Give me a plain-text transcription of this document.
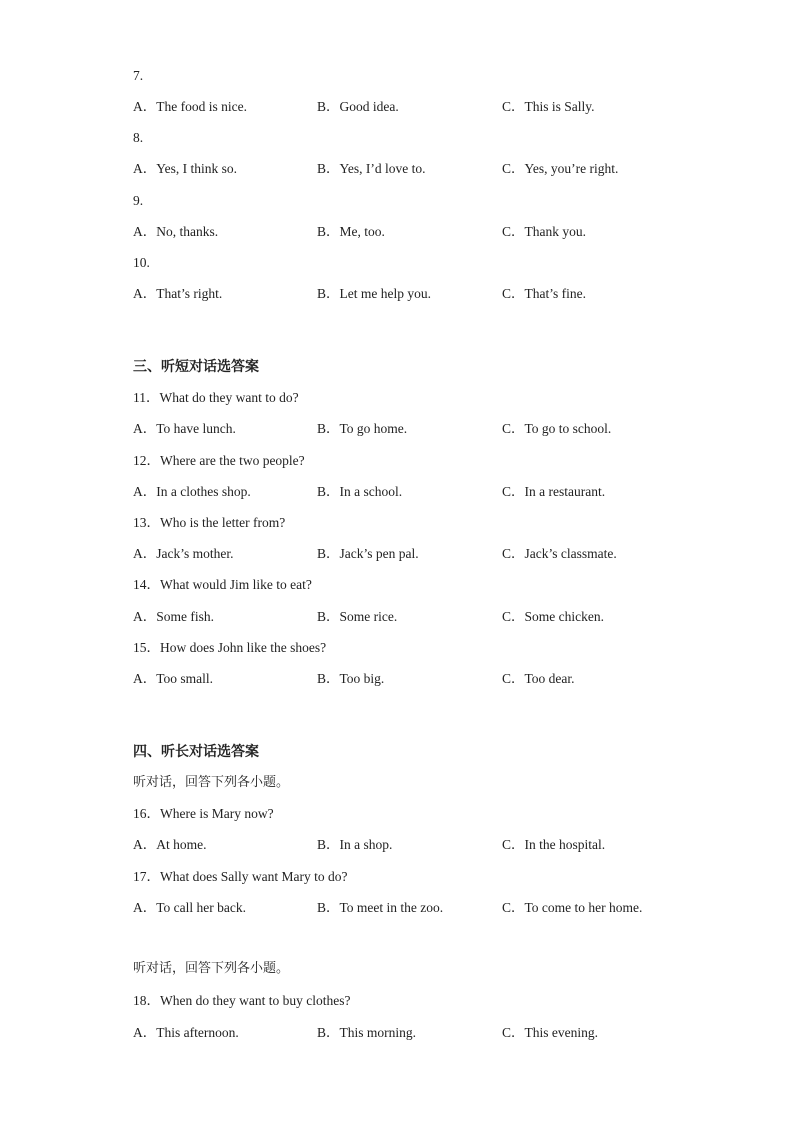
7.
A．The food is nice.	B．Good idea.	C．This is Sally.
8.
A．Yes, I think so.	B．Yes, I’d love to.	C．Yes, you’re right.
9.
A．No, thanks.	B．Me, too.	C．Thank you.
10.
A．That’s right.	B．Let me help you.	C．That’s fine.
三、听短对话选答案
11．What do they want to do?
A．To have lunch.	B．To go home.	C．To go to school.
12．Where are the two people?
A．In a clothes shop.	B．In a school.	C．In a restaurant.
13．Who is the letter from?
A．Jack’s mother.	B．Jack’s pen pal.	C．Jack’s classmate.
14．What would Jim like to eat?
A．Some fish.	B．Some rice.	C．Some chicken.
15．How does John like the shoes?
A．Too small.	B．Too big.	C．Too dear.
四、听长对话选答案
听对话，回答下列各小题。
16．Where is Mary now?
A．At home.	B．In a shop.	C．In the hospital.
17．What does Sally want Mary to do?
A．To call her back.	B．To meet in the zoo.	C．To come to her home.
听对话，回答下列各小题。
18．When do they want to buy clothes?
A．This afternoon.	B．This morning.	C．This evening.
